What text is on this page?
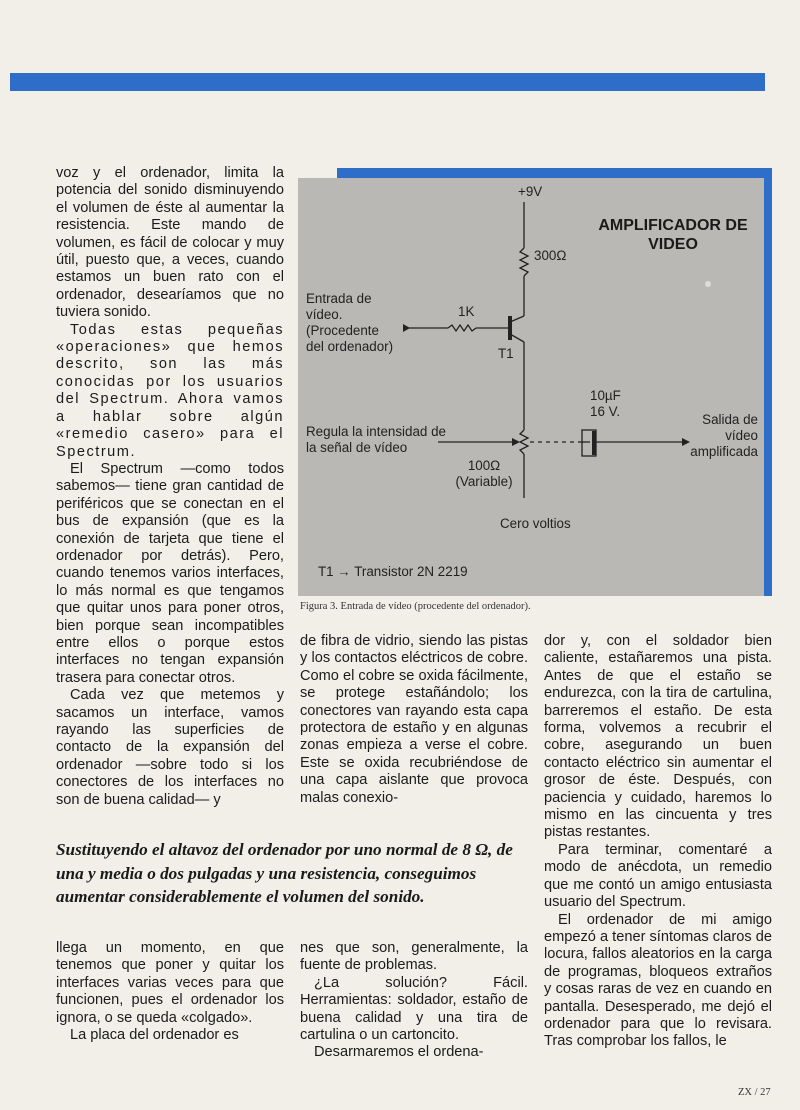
voz y el ordenador, limita la potencia del sonido disminuyendo el volumen de éste al aumentar la resistencia. Este mando de volumen, es fácil de colocar y muy útil, puesto que, a veces, cuando estamos un buen rato con el ordenador, desearíamos que no tuviera sonido.

Todas estas pequeñas «operaciones» que hemos descrito, son las más conocidas por los usuarios del Spectrum. Ahora vamos a hablar sobre algún «remedio casero» para el Spectrum.

El Spectrum —como todos sabemos— tiene gran cantidad de periféricos que se conectan en el bus de expansión (que es la conexión de tarjeta que tiene el ordenador por detrás). Pero, cuando tenemos varios interfaces, lo más normal es que tengamos que quitar unos para poner otros, bien porque sean incompatibles entre ellos o porque estos interfaces no tengan expansión trasera para conectar otros.

Cada vez que metemos y sacamos un interface, vamos rayando las superficies de contacto de la expansión del ordenador —sobre todo si los conectores de los interfaces no son de buena calidad— y

+9V
AMPLIFICADOR DE VIDEO
300Ω
Entrada de vídeo. (Procedente del ordenador)
1K
T1
10µF 16 V.
Salida de vídeo amplificada
Regula la intensidad de la señal de vídeo
100Ω (Variable)
Cero voltios
T1 → Transistor 2N 2219
Figura 3. Entrada de vídeo (procedente del ordenador).

de fibra de vidrio, siendo las pistas y los contactos eléctricos de cobre. Como el cobre se oxida fácilmente, se protege estañándolo; los conectores van rayando esta capa protectora de estaño y en algunas zonas empieza a verse el cobre. Este se oxida recubriéndose de una capa aislante que provoca malas conexio-

dor y, con el soldador bien caliente, estañaremos una pista. Antes de que el estaño se endurezca, con la tira de cartulina, barreremos el estaño. De esta forma, volvemos a recubrir el cobre, asegurando un buen contacto eléctrico sin aumentar el grosor de éste. Después, con paciencia y cuidado, haremos lo mismo en las cincuenta y tres pistas restantes.

Para terminar, comentaré a modo de anécdota, un remedio que me contó un amigo entusiasta usuario del Spectrum.

El ordenador de mi amigo empezó a tener síntomas claros de locura, fallos aleatorios en la carga de programas, bloqueos extraños y cosas raras de vez en cuando en pantalla. Desesperado, me dejó el ordenador para que lo revisara. Tras comprobar los fallos, le

Sustituyendo el altavoz del ordenador por uno normal de 8 Ω, de una y media o dos pulgadas y una resistencia, conseguimos aumentar considerablemente el volumen del sonido.

llega un momento, en que tenemos que poner y quitar los interfaces varias veces para que funcionen, pues el ordenador los ignora, o se queda «colgado».

La placa del ordenador es

nes que son, generalmente, la fuente de problemas.

¿La solución? Fácil. Herramientas: soldador, estaño de buena calidad y una tira de cartulina o un cartoncito.

Desarmaremos el ordena-

ZX / 27
